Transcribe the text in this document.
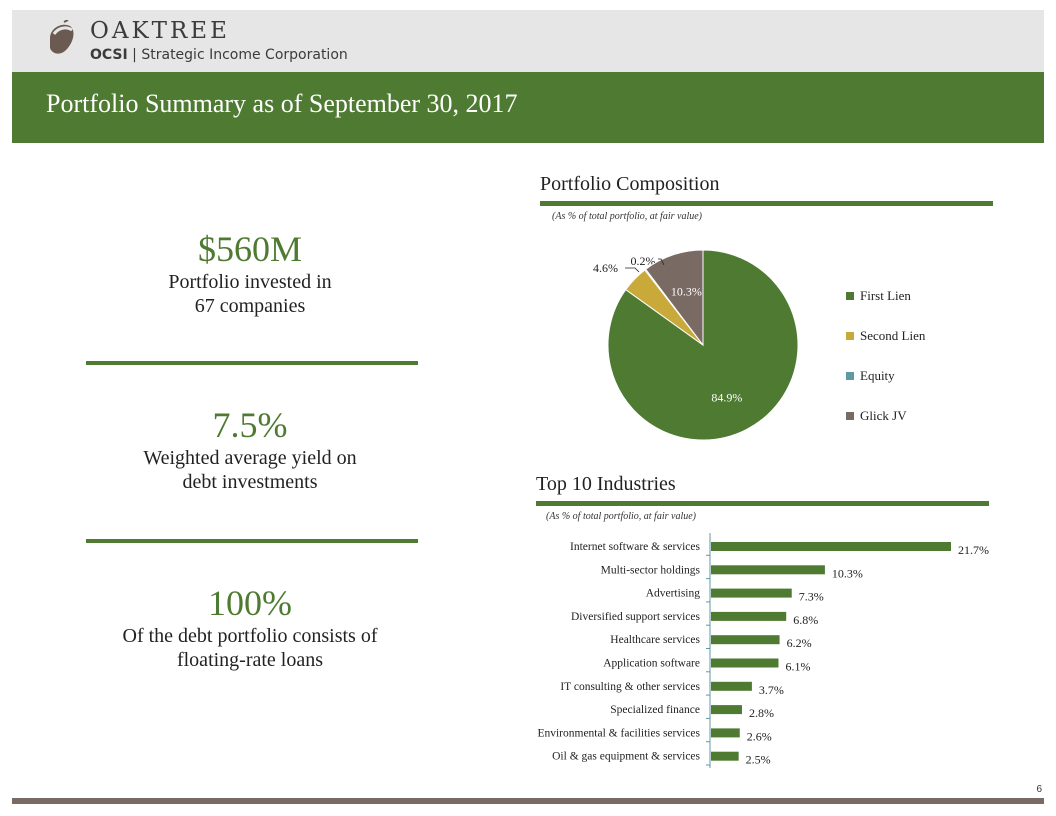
OAKTREE
OCSI | Strategic Income Corporation
Portfolio Summary as of September 30, 2017
$560M
Portfolio invested in
67 companies
7.5%
Weighted average yield on
debt investments
100%
Of the debt portfolio consists of
floating-rate loans
Portfolio Composition
(As % of total portfolio, at fair value)
84.9%
4.6% 0.2%
10.3%	First Lien
Second Lien
Equity
Glick JV
Top 10 Industries
(As % of total portfolio, at fair value)
Internet software & services	21.7%
Multi-sector holdings	10.3%
Advertising	7.3%
Diversified support services	6.8%
Healthcare services	6.2%
Application software	6.1%
IT consulting & other services	3.7%
Specialized finance	2.8%
Environmental & facilities services	2.6%
Oil & gas equipment & services	2.5%
6
